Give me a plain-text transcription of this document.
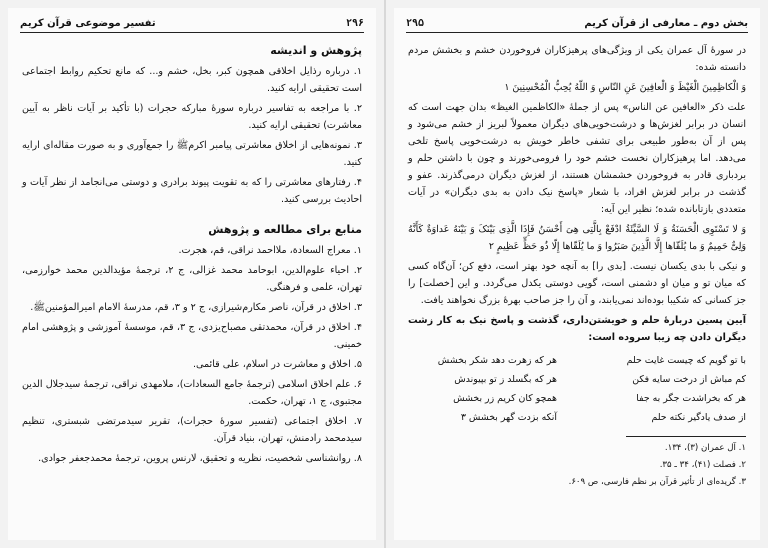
۲۹۶
تفسیر موضوعی قرآن کریم
پژوهش و اندیشه

۱. درباره رذایل اخلاقی همچون کبر، بخل، خشم و... که مانع تحکیم روابط اجتماعی است تحقیقی ارایه کنید.

۲. با مراجعه به تفاسیر درباره سورهٔ مبارکه حجرات (با تأکید بر آیات ناظر به آیین معاشرت) تحقیقی ارایه کنید.

۳. نمونه‌هایی از اخلاق معاشرتی پیامبر اکرمﷺ را جمع‌آوری و به صورت مقاله‌ای ارایه کنید.

۴. رفتارهای معاشرتی را که به تقویت پیوند برادری و دوستی می‌انجامد از نظر آیات و احادیث بررسی کنید.

منابع برای مطالعه و پژوهش

۱. معراج السعادة، ملااحمد نراقی، قم، هجرت.

۲. احیاء علوم‌الدین، ابوحامد محمد غزالی، ج ۲، ترجمهٔ مؤیدالدین محمد خوارزمی، تهران، علمی و فرهنگی.

۳. اخلاق در قرآن، ناصر مکارم‌شیرازی، ج ۲ و ۳، قم، مدرسهٔ الامام امیرالمؤمنینﷺ.

۴. اخلاق در قرآن، محمدتقی مصباح‌یزدی، ج ۳، قم، موسسهٔ آموزشی و پژوهشی امام خمینی.

۵. اخلاق و معاشرت در اسلام، علی قائمی.

۶. علم اخلاق اسلامی (ترجمهٔ جامع السعادات)، ملامهدی نراقی، ترجمهٔ سیدجلال الدین مجتبوی، ج ۱، تهران، حکمت.

۷. اخلاق اجتماعی (تفسیر سورهٔ حجرات)، تقریر سیدمرتضی شبستری، تنظیم سیدمحمد رادمنش، تهران، بنیاد قرآن.

۸. روانشناسی شخصیت، نظریه و تحقیق، لارنس پروین، ترجمهٔ محمدجعفر جوادی.

بخش دوم ـ معارفی از قرآن کریم
۲۹۵

در سورهٔ آل عمران یکی از ویژگی‌های پرهیزکاران فروخوردن خشم و بخشش مردم دانسته شده:

وَ الْکاظِمِینَ الْغَیْظَ وَ الْعافِینَ عَنِ النّاسِ وَ اللّهُ یُحِبُّ الْمُحْسِنِینَ ۱

علت ذکر «العافین عن الناس» پس از جملهٔ «الکاظمین الغیظ» بدان جهت است که انسان در برابر لغزش‌ها و درشت‌خویی‌های دیگران معمولاً لبریز از خشم می‌شود و پس از آن به‌طور طبیعی برای تشفی خاطر خویش به درشت‌خویی پاسخ تلخی می‌دهد. اما پرهیزکاران نخست خشم خود را فرومی‌خورند و چون با داشتن حلم و بردباری قادر به فروخوردن خشمشان هستند، از لغزش دیگران درمی‌گذرند. عفو و گذشت در برابر لغزش افراد، با شعار «پاسخ نیک دادن به بدی دیگران» در آیات متعددی بازتابانده شده؛ نظیر این آیه:

وَ لا تَسْتَوِی الْحَسَنَةُ وَ لَا السَّیِّئَةُ ادْفَعْ بِالَّتِی هِیَ أَحْسَنُ فَإِذَا الَّذِی بَیْنَکَ وَ بَیْنَهُ عَداوَةٌ کَأَنَّهُ وَلِیٌّ حَمِیمٌ وَ ما یُلَقّاها إِلَّا الَّذِینَ صَبَرُوا وَ ما یُلَقّاها إِلّا ذُو حَظٍّ عَظِیمٍ ۲

و نیکی با بدی یکسان نیست. [بدی را] به آنچه خود بهتر است، دفع کن؛ آن‌گاه کسی که میان تو و میان او دشمنی است، گویی دوستی یکدل می‌گردد. و این [خصلت] را جز کسانی که شکیبا بوده‌اند نمی‌یابند، و آن را جز صاحب بهرهٔ بزرگ نخواهند یافت.

آیین پسین دربارهٔ حلم و خویشتن‌داری، گذشت و پاسخ نیک به کار زشت دیگران دادن چه زیبا سروده است:

با تو گویم که چیست غایت حلم
هر که زهرت دهد شکر بخشش
کم مباش از درخت سایه فکن
هر که بگسلد ز تو بپیوندش
هر که بخراشدت جگر به جفا
همچو کان کریم زر بخشش
از صدف یادگیر نکته حلم
آنکه بزدت گهر بخشش ۳

۱. آل عمران (۳)، ۱۳۴.

۲. فصلت (۴۱)، ۳۴ ـ ۳۵.

۳. گریده‌ای از تأثیر قرآن بر نظم فارسی، ص ۶۰۹.
